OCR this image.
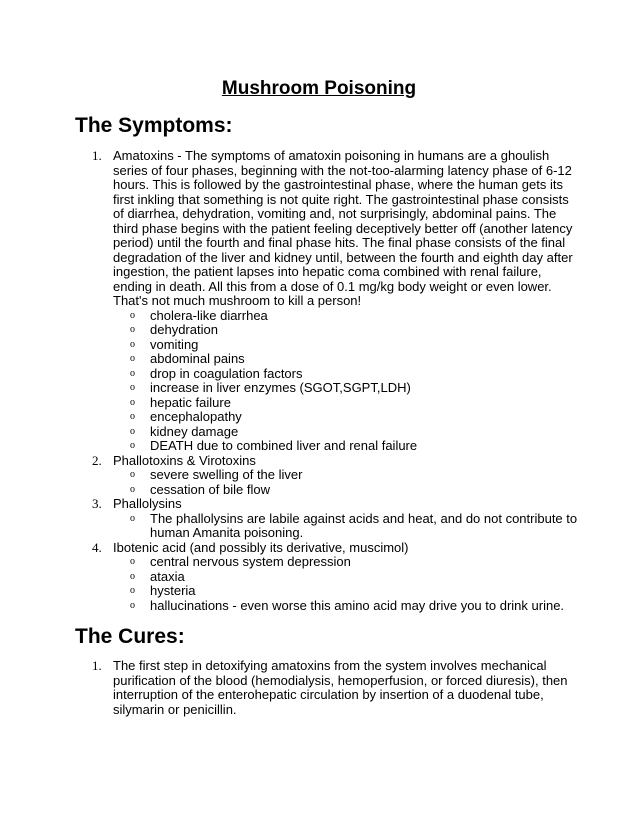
Mushroom Poisoning
The Symptoms:
1. Amatoxins - The symptoms of amatoxin poisoning in humans are a ghoulish series of four phases, beginning with the not-too-alarming latency phase of 6-12 hours. This is followed by the gastrointestinal phase, where the human gets its first inkling that something is not quite right. The gastrointestinal phase consists of diarrhea, dehydration, vomiting and, not surprisingly, abdominal pains. The third phase begins with the patient feeling deceptively better off (another latency period) until the fourth and final phase hits. The final phase consists of the final degradation of the liver and kidney until, between the fourth and eighth day after ingestion, the patient lapses into hepatic coma combined with renal failure, ending in death. All this from a dose of 0.1 mg/kg body weight or even lower. That's not much mushroom to kill a person!
o cholera-like diarrhea
o dehydration
o vomiting
o abdominal pains
o drop in coagulation factors
o increase in liver enzymes (SGOT,SGPT,LDH)
o hepatic failure
o encephalopathy
o kidney damage
o DEATH due to combined liver and renal failure
2. Phallotoxins & Virotoxins
o severe swelling of the liver
o cessation of bile flow
3. Phallolysins
o The phallolysins are labile against acids and heat, and do not contribute to human Amanita poisoning.
4. Ibotenic acid (and possibly its derivative, muscimol)
o central nervous system depression
o ataxia
o hysteria
o hallucinations - even worse this amino acid may drive you to drink urine.
The Cures:
1. The first step in detoxifying amatoxins from the system involves mechanical purification of the blood (hemodialysis, hemoperfusion, or forced diuresis), then interruption of the enterohepatic circulation by insertion of a duodenal tube, silymarin or penicillin.
